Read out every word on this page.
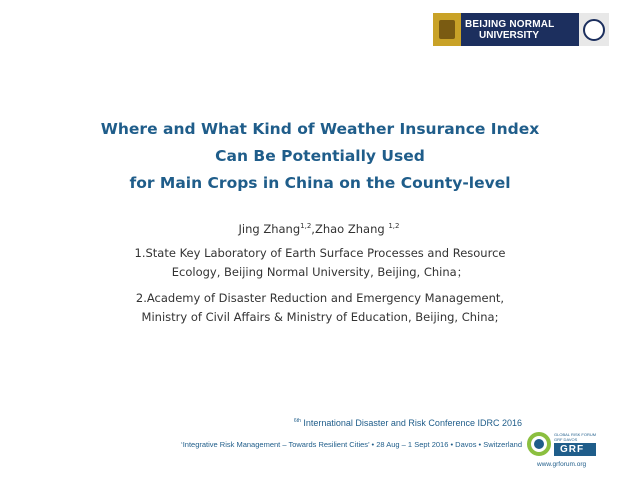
BEIJING NORMAL
UNIVERSITY
Where and What Kind of Weather Insurance Index
Can Be Potentially Used
for Main Crops in China on the County-level
Jing Zhang$^{1,2}$,Zhao Zhang $^{1,2}$
1.State Key Laboratory of Earth Surface Processes and Resource
Ecology, Beijing Normal University, Beijing, China；
2.Academy of Disaster Reduction and Emergency Management,
Ministry of Civil Affairs & Ministry of Education, Beijing, China;
$^{6th}$ International Disaster and Risk Conference IDRC 2016
‘Integrative Risk Management – Towards Resilient Cities’ • 28 Aug – 1 Sept 2016 • Davos • Switzerland
GLOBAL RISK FORUM
GRF DAVOS
GRF
www.grforum.org
